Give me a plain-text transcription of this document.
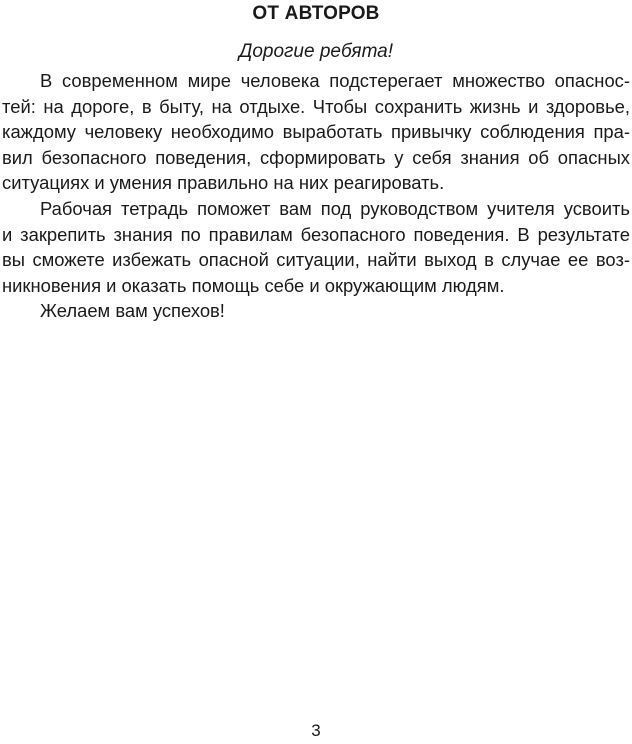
ОТ АВТОРОВ
Дорогие ребята!
В современном мире человека подстерегает множество опаснос-
тей: на дороге, в быту, на отдыхе. Чтобы сохранить жизнь и здоровье,
каждому человеку необходимо выработать привычку соблюдения пра-
вил безопасного поведения, сформировать у себя знания об опасных
ситуациях и умения правильно на них реагировать.
Рабочая тетрадь поможет вам под руководством учителя усвоить
и закрепить знания по правилам безопасного поведения. В результате
вы сможете избежать опасной ситуации, найти выход в случае ее воз-
никновения и оказать помощь себе и окружающим людям.
Желаем вам успехов!
3
